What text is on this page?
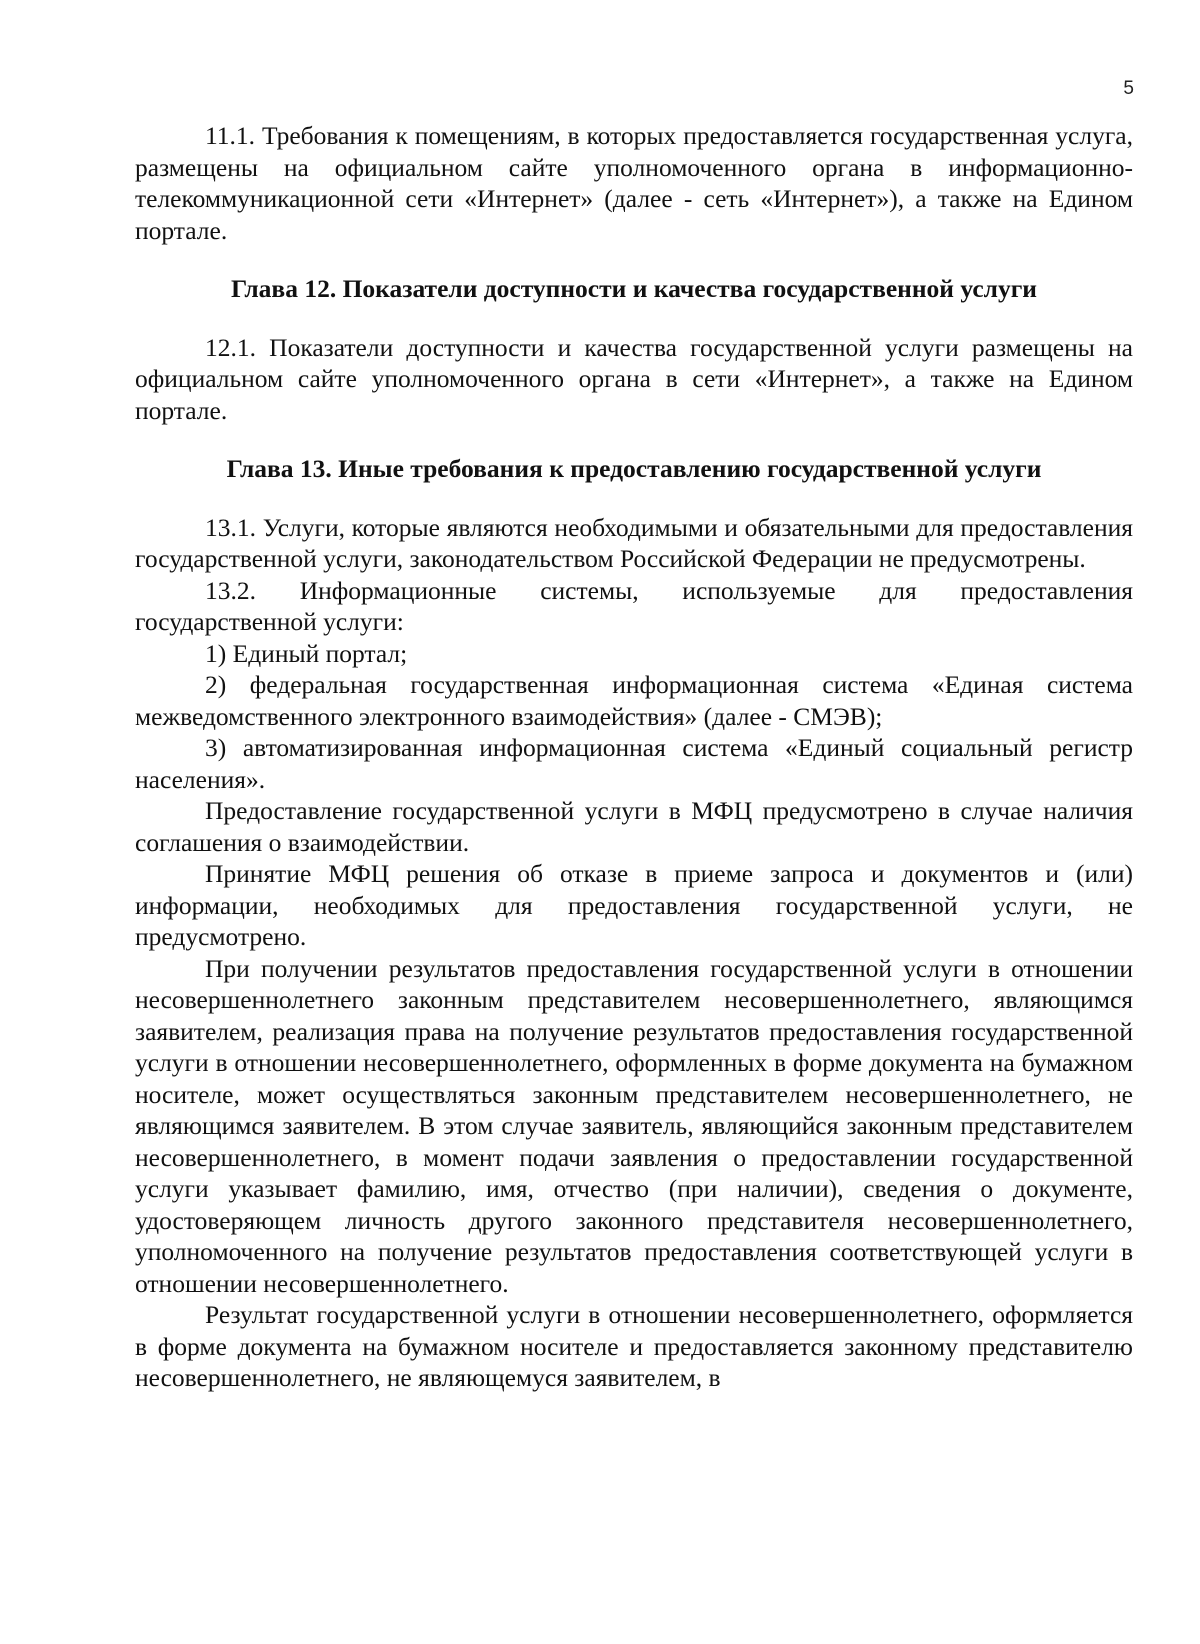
5

11.1. Требования к помещениям, в которых предоставляется государственная услуга, размещены на официальном сайте уполномоченного органа в информационно-телекоммуникационной сети «Интернет» (далее - сеть «Интернет»), а также на Едином портале.

Глава 12. Показатели доступности и качества государственной услуги

12.1. Показатели доступности и качества государственной услуги размещены на официальном сайте уполномоченного органа в сети «Интернет», а также на Едином портале.

Глава 13. Иные требования к предоставлению государственной услуги

13.1. Услуги, которые являются необходимыми и обязательными для предоставления государственной услуги, законодательством Российской Федерации не предусмотрены.

13.2. Информационные системы, используемые для предоставления государственной услуги:

1) Единый портал;

2) федеральная государственная информационная система «Единая система межведомственного электронного взаимодействия» (далее - СМЭВ);

3) автоматизированная информационная система «Единый социальный регистр населения».

Предоставление государственной услуги в МФЦ предусмотрено в случае наличия соглашения о взаимодействии.

Принятие МФЦ решения об отказе в приеме запроса и документов и (или) информации, необходимых для предоставления государственной услуги, не предусмотрено.

При получении результатов предоставления государственной услуги в отношении несовершеннолетнего законным представителем несовершеннолетнего, являющимся заявителем, реализация права на получение результатов предоставления государственной услуги в отношении несовершеннолетнего, оформленных в форме документа на бумажном носителе, может осуществляться законным представителем несовершеннолетнего, не являющимся заявителем. В этом случае заявитель, являющийся законным представителем несовершеннолетнего, в момент подачи заявления о предоставлении государственной услуги указывает фамилию, имя, отчество (при наличии), сведения о документе, удостоверяющем личность другого законного представителя несовершеннолетнего, уполномоченного на получение результатов предоставления соответствующей услуги в отношении несовершеннолетнего.

Результат государственной услуги в отношении несовершеннолетнего, оформляется в форме документа на бумажном носителе и предоставляется законному представителю несовершеннолетнего, не являющемуся заявителем, в
